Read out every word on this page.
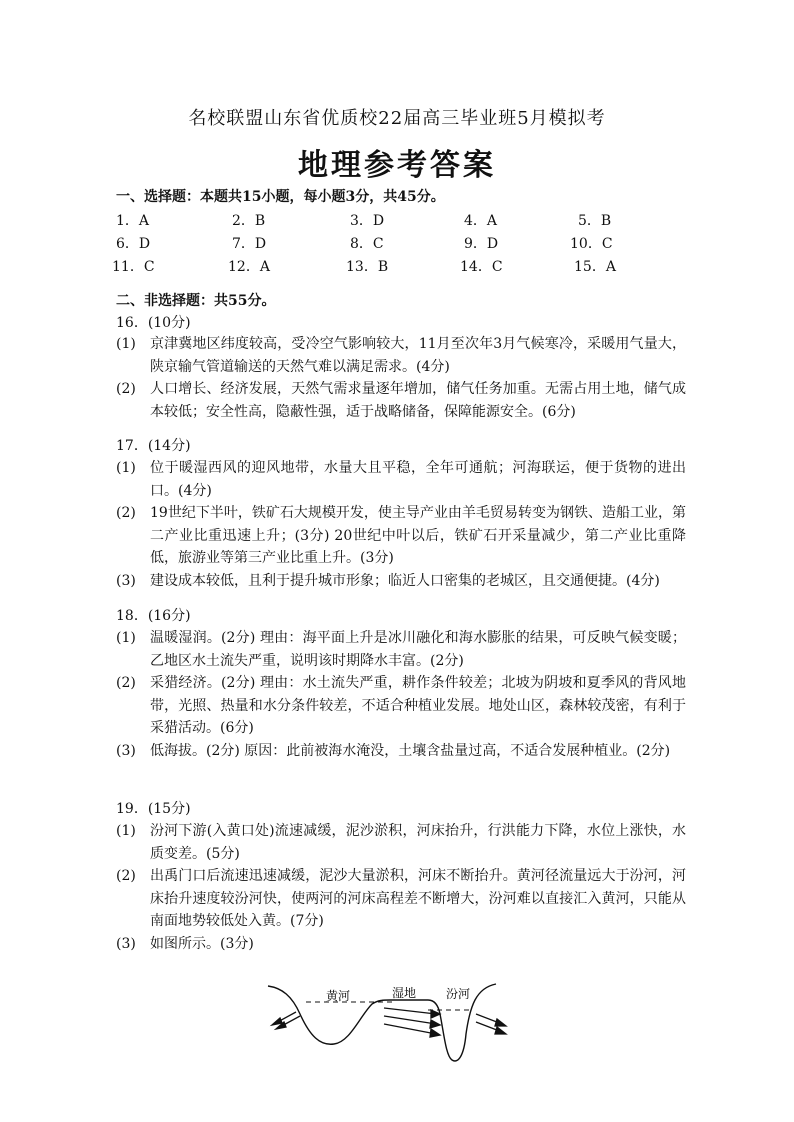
名校联盟山东省优质校22届高三毕业班5月模拟考
地理参考答案
一、选择题：本题共15小题，每小题3分，共45分。
1．A	2．B	3．D	4．A	5．B
6．D	7．D	8．C	9．D	10．C
11．C	12．A	13．B	14．C	15．A
二、非选择题：共55分。
16．(10分)
(1) 京津冀地区纬度较高，受冷空气影响较大，11月至次年3月气候寒冷，采暖用气量大，陕京输气管道输送的天然气难以满足需求。(4分)
(2) 人口增长、经济发展，天然气需求量逐年增加，储气任务加重。无需占用土地，储气成本较低；安全性高，隐蔽性强，适于战略储备，保障能源安全。(6分)
17．(14分)
(1) 位于暖湿西风的迎风地带，水量大且平稳，全年可通航；河海联运，便于货物的进出口。(4分)
(2) 19世纪下半叶，铁矿石大规模开发，使主导产业由羊毛贸易转变为钢铁、造船工业，第二产业比重迅速上升；(3分) 20世纪中叶以后，铁矿石开采量减少，第二产业比重降低，旅游业等第三产业比重上升。(3分)
(3) 建设成本较低，且利于提升城市形象；临近人口密集的老城区，且交通便捷。(4分)
18．(16分)
(1) 温暖湿润。(2分) 理由：海平面上升是冰川融化和海水膨胀的结果，可反映气候变暖；乙地区水土流失严重，说明该时期降水丰富。(2分)
(2) 采猎经济。(2分) 理由：水土流失严重，耕作条件较差；北坡为阴坡和夏季风的背风地带，光照、热量和水分条件较差，不适合种植业发展。地处山区，森林较茂密，有利于采猎活动。(6分)
(3) 低海拔。(2分) 原因：此前被海水淹没，土壤含盐量过高，不适合发展种植业。(2分)
19．(15分)
(1) 汾河下游(入黄口处)流速减缓，泥沙淤积，河床抬升，行洪能力下降，水位上涨快，水质变差。(5分)
(2) 出禹门口后流速迅速减缓，泥沙大量淤积，河床不断抬升。黄河径流量远大于汾河，河床抬升速度较汾河快，使两河的河床高程差不断增大，汾河难以直接汇入黄河，只能从南面地势较低处入黄。(7分)
(3) 如图所示。(3分)
黄河	湿地 汾河
